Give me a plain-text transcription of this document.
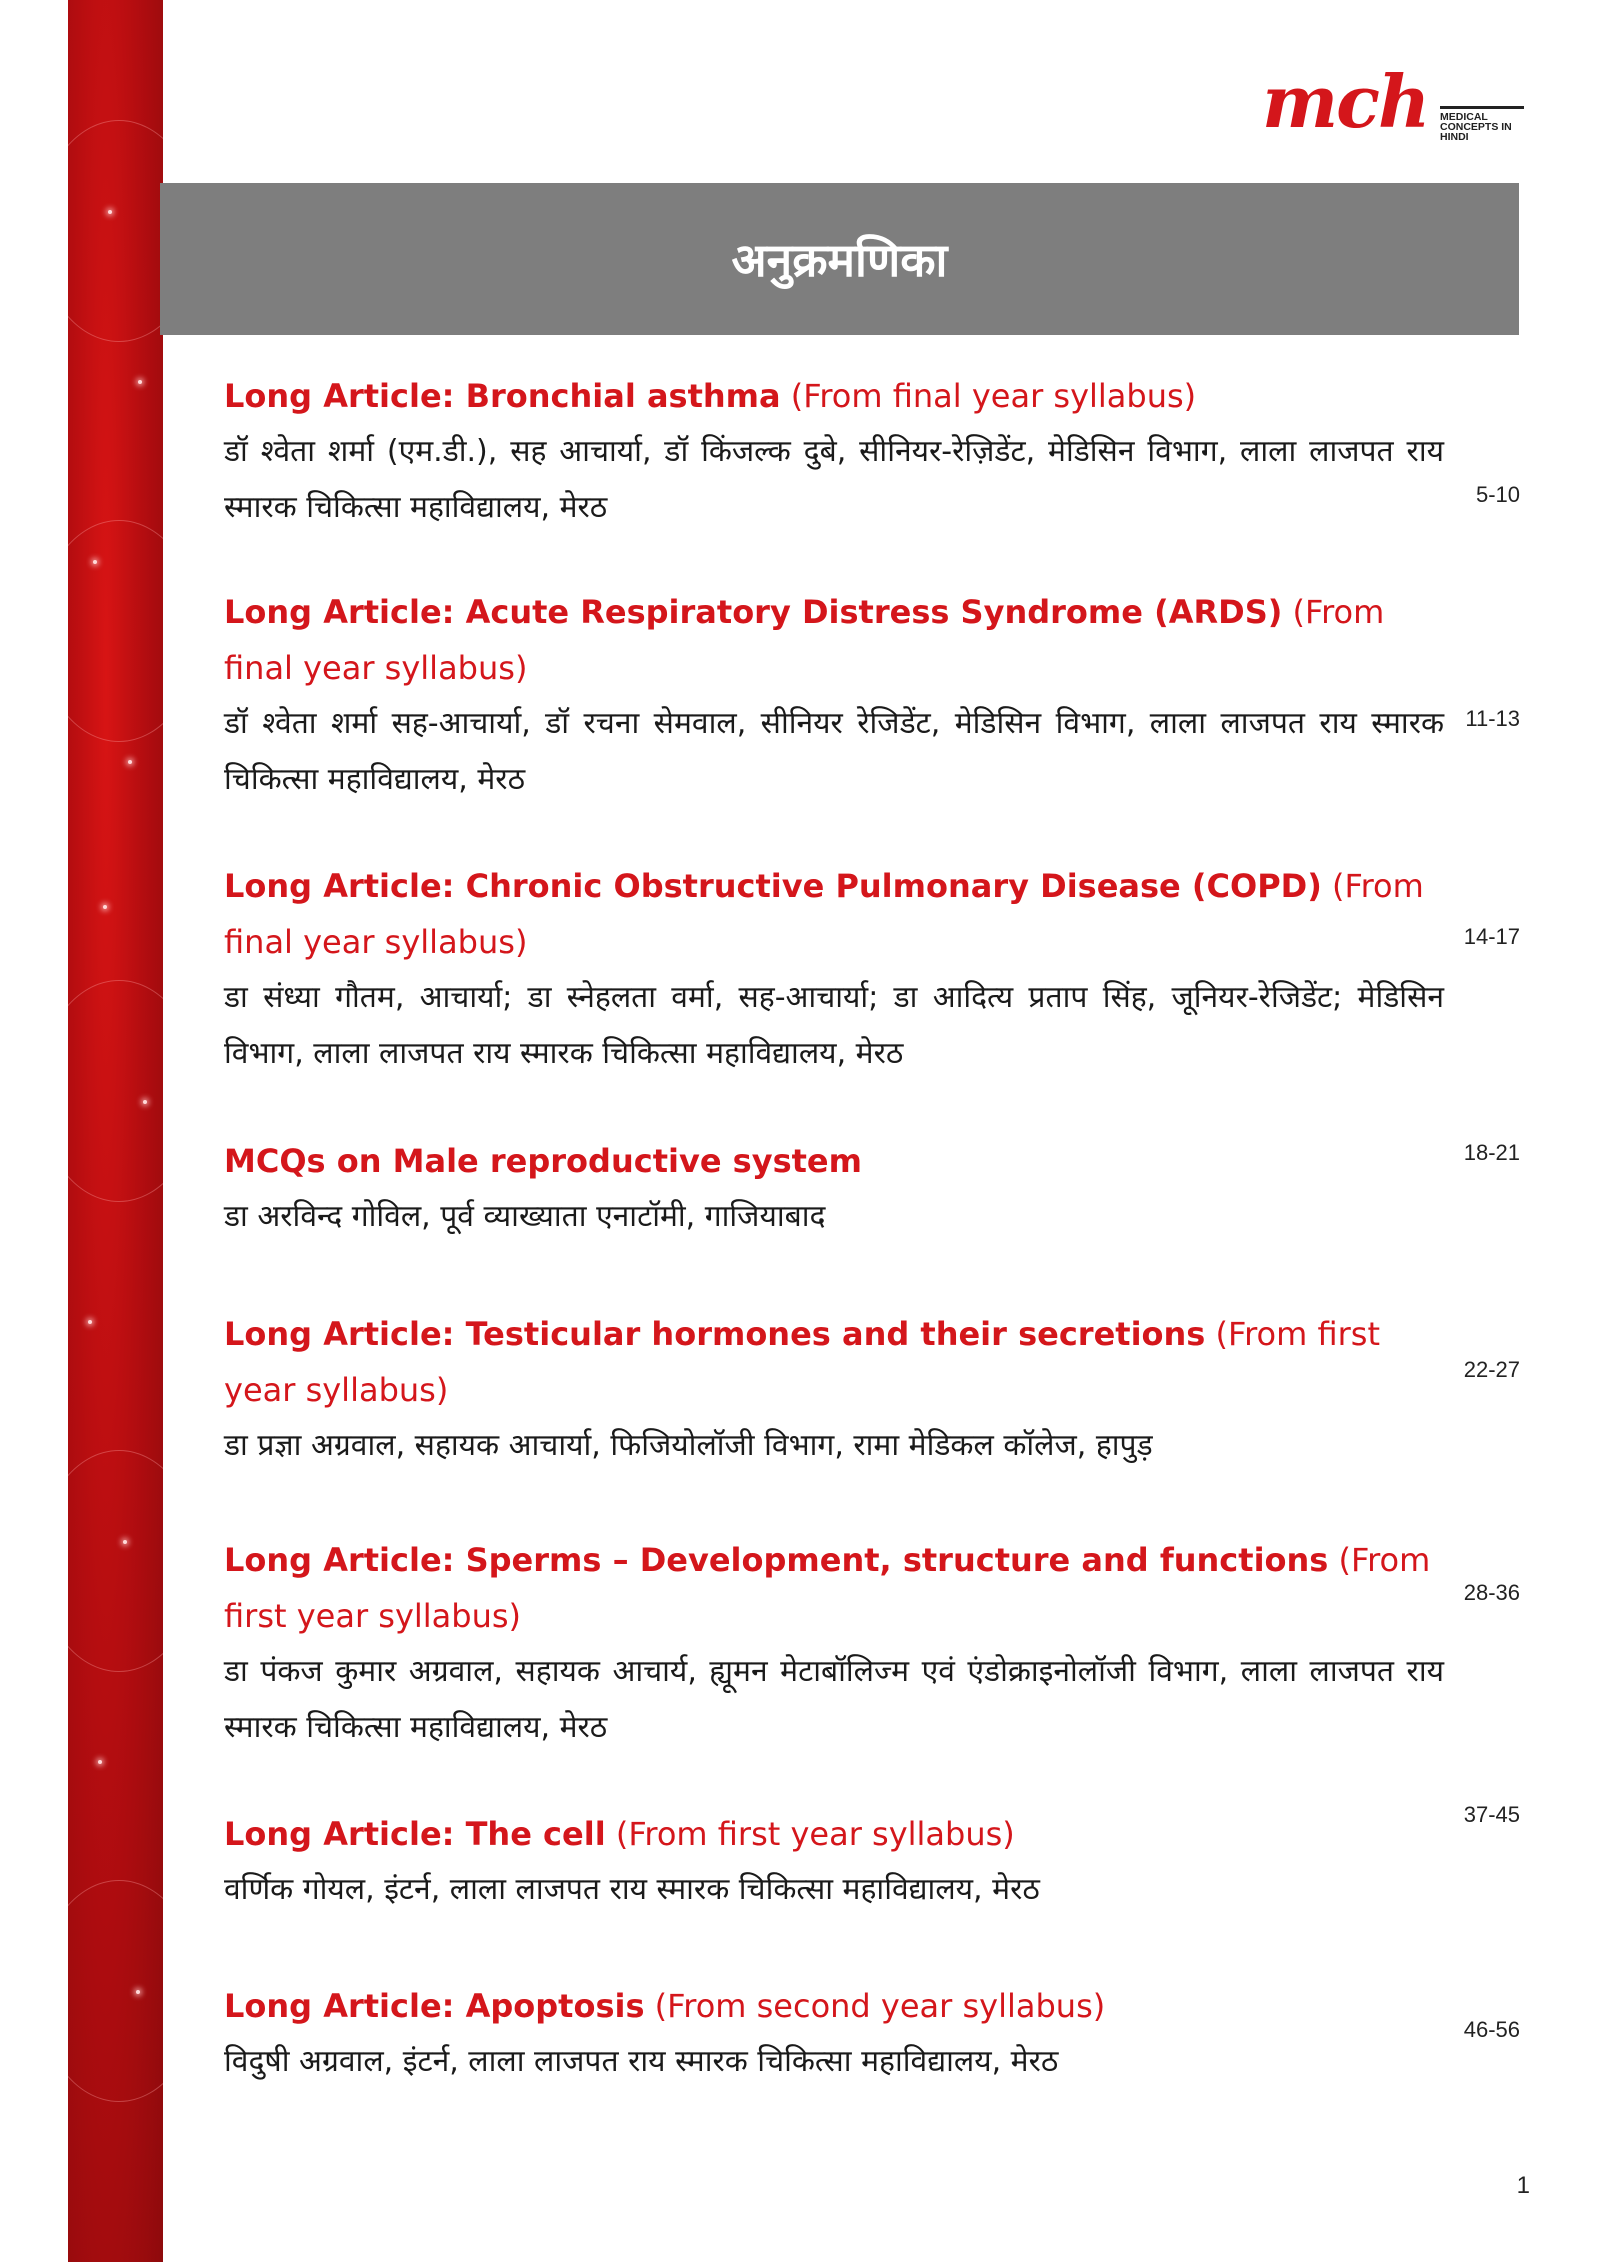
mch MEDICAL
CONCEPTS IN
HINDI
अनुक्रमणिका
Long Article: Bronchial asthma (From final year syllabus)
डॉ श्वेता शर्मा (एम.डी.), सह आचार्या, डॉ किंजल्क दुबे, सीनियर-रेज़िडेंट, मेडिसिन विभाग, लाला लाजपत राय स्मारक चिकित्सा महाविद्यालय, मेरठ	5-10
Long Article: Acute Respiratory Distress Syndrome (ARDS) (From final year syllabus)
डॉ श्वेता शर्मा सह-आचार्या, डॉ रचना सेमवाल, सीनियर रेजिडेंट, मेडिसिन विभाग, लाला लाजपत राय स्मारक चिकित्सा महाविद्यालय, मेरठ
11-13
Long Article: Chronic Obstructive Pulmonary Disease (COPD) (From final year syllabus)
डा संध्या गौतम, आचार्या; डा स्नेहलता वर्मा, सह-आचार्या; डा आदित्य प्रताप सिंह, जूनियर-रेजिडेंट; मेडिसिन विभाग, लाला लाजपत राय स्मारक चिकित्सा महाविद्यालय, मेरठ
14-17
MCQs on Male reproductive system
डा अरविन्द गोविल, पूर्व व्याख्याता एनाटॉमी, गाजियाबाद
18-21
Long Article: Testicular hormones and their secretions (From first year syllabus)
डा प्रज्ञा अग्रवाल, सहायक आचार्या, फिजियोलॉजी विभाग, रामा मेडिकल कॉलेज, हापुड़
22-27
Long Article: Sperms – Development, structure and functions (From first year syllabus)
डा पंकज कुमार अग्रवाल, सहायक आचार्य, ह्यूमन मेटाबॉलिज्म एवं एंडोक्राइनोलॉजी विभाग, लाला लाजपत राय स्मारक चिकित्सा महाविद्यालय, मेरठ
28-36
Long Article: The cell (From first year syllabus)
वर्णिक गोयल, इंटर्न, लाला लाजपत राय स्मारक चिकित्सा महाविद्यालय, मेरठ
37-45
Long Article: Apoptosis (From second year syllabus)
विदुषी अग्रवाल, इंटर्न, लाला लाजपत राय स्मारक चिकित्सा महाविद्यालय, मेरठ
46-56
1
